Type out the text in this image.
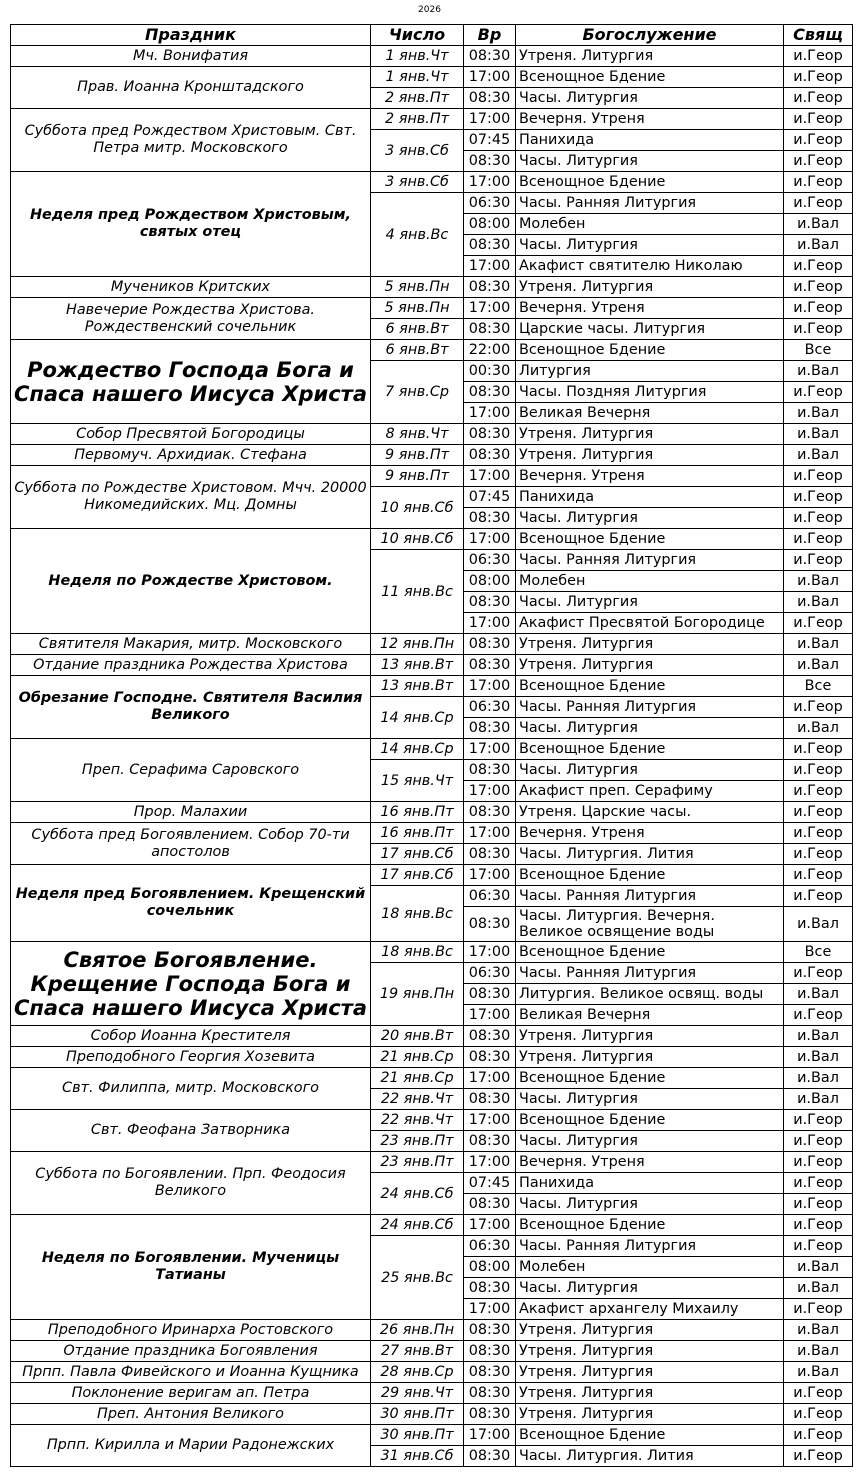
2026
Праздник	Число	Вр	Богослужение	Свящ
Мч. Вонифатия	1 янв.Чт	08:30	Утреня. Литургия	и.Геор
Прав. Иоанна Кронштадского	1 янв.Чт	17:00	Всенощное Бдение	и.Геор
	2 янв.Пт	08:30	Часы. Литургия	и.Геор
Суббота пред Рождеством Христовым. Свт. Петра митр. Московского	2 янв.Пт	17:00	Вечерня. Утреня	и.Геор
	3 янв.Сб	07:45	Панихида	и.Геор
		08:30	Часы. Литургия	и.Геор
Неделя пред Рождеством Христовым, святых отец	3 янв.Сб	17:00	Всенощное Бдение	и.Геор
	4 янв.Вс	06:30	Часы. Ранняя Литургия	и.Геор
		08:00	Молебен	и.Вал
		08:30	Часы. Литургия	и.Вал
		17:00	Акафист святителю Николаю	и.Геор
Мучеников Критских	5 янв.Пн	08:30	Утреня. Литургия	и.Геор
Навечерие Рождества Христова. Рождественский сочельник	5 янв.Пн	17:00	Вечерня. Утреня	и.Геор
	6 янв.Вт	08:30	Царские часы. Литургия	и.Геор
Рождество Господа Бога и Спаса нашего Иисуса Христа	6 янв.Вт	22:00	Всенощное Бдение	Все
	7 янв.Ср	00:30	Литургия	и.Вал
		08:30	Часы. Поздняя Литургия	и.Геор
		17:00	Великая Вечерня	и.Вал
Собор Пресвятой Богородицы	8 янв.Чт	08:30	Утреня. Литургия	и.Вал
Первомуч. Архидиак. Стефана	9 янв.Пт	08:30	Утреня. Литургия	и.Вал
Суббота по Рождестве Христовом. Мчч. 20000 Никомедийских. Мц. Домны	9 янв.Пт	17:00	Вечерня. Утреня	и.Геор
	10 янв.Сб	07:45	Панихида	и.Геор
		08:30	Часы. Литургия	и.Геор
Неделя по Рождестве Христовом.	10 янв.Сб	17:00	Всенощное Бдение	и.Геор
	11 янв.Вс	06:30	Часы. Ранняя Литургия	и.Геор
		08:00	Молебен	и.Вал
		08:30	Часы. Литургия	и.Вал
		17:00	Акафист Пресвятой Богородице	и.Геор
Святителя Макария, митр. Московского	12 янв.Пн	08:30	Утреня. Литургия	и.Вал
Отдание праздника Рождества Христова	13 янв.Вт	08:30	Утреня. Литургия	и.Вал
Обрезание Господне. Святителя Василия Великого	13 янв.Вт	17:00	Всенощное Бдение	Все
	14 янв.Ср	06:30	Часы. Ранняя Литургия	и.Геор
		08:30	Часы. Литургия	и.Вал
Преп. Серафима Саровского	14 янв.Ср	17:00	Всенощное Бдение	и.Геор
	15 янв.Чт	08:30	Часы. Литургия	и.Геор
		17:00	Акафист преп. Серафиму	и.Геор
Прор. Малахии	16 янв.Пт	08:30	Утреня. Царские часы.	и.Геор
Суббота пред Богоявлением. Собор 70-ти апостолов	16 янв.Пт	17:00	Вечерня. Утреня	и.Геор
	17 янв.Сб	08:30	Часы. Литургия. Лития	и.Геор
Неделя пред Богоявлением. Крещенский сочельник	17 янв.Сб	17:00	Всенощное Бдение	и.Геор
	18 янв.Вс	06:30	Часы. Ранняя Литургия	и.Геор
		08:30	Часы. Литургия. Вечерня. Великое освящение воды	и.Вал
Святое Богоявление. Крещение Господа Бога и Спаса нашего Иисуса Христа	18 янв.Вс	17:00	Всенощное Бдение	Все
	19 янв.Пн	06:30	Часы. Ранняя Литургия	и.Геор
		08:30	Литургия. Великое освящ. воды	и.Вал
		17:00	Великая Вечерня	и.Геор
Собор Иоанна Крестителя	20 янв.Вт	08:30	Утреня. Литургия	и.Вал
Преподобного Георгия Хозевита	21 янв.Ср	08:30	Утреня. Литургия	и.Вал
Свт. Филиппа, митр. Московского	21 янв.Ср	17:00	Всенощное Бдение	и.Вал
	22 янв.Чт	08:30	Часы. Литургия	и.Вал
Свт. Феофана Затворника	22 янв.Чт	17:00	Всенощное Бдение	и.Геор
	23 янв.Пт	08:30	Часы. Литургия	и.Геор
Суббота по Богоявлении. Прп. Феодосия Великого	23 янв.Пт	17:00	Вечерня. Утреня	и.Геор
	24 янв.Сб	07:45	Панихида	и.Геор
		08:30	Часы. Литургия	и.Геор
Неделя по Богоявлении. Мученицы Татианы	24 янв.Сб	17:00	Всенощное Бдение	и.Геор
	25 янв.Вс	06:30	Часы. Ранняя Литургия	и.Геор
		08:00	Молебен	и.Вал
		08:30	Часы. Литургия	и.Вал
		17:00	Акафист архангелу Михаилу	и.Геор
Преподобного Иринарха Ростовского	26 янв.Пн	08:30	Утреня. Литургия	и.Вал
Отдание праздника Богоявления	27 янв.Вт	08:30	Утреня. Литургия	и.Вал
Прпп. Павла Фивейского и Иоанна Кущника	28 янв.Ср	08:30	Утреня. Литургия	и.Вал
Поклонение веригам ап. Петра	29 янв.Чт	08:30	Утреня. Литургия	и.Геор
Преп. Антония Великого	30 янв.Пт	08:30	Утреня. Литургия	и.Геор
Прпп. Кирилла и Марии Радонежских	30 янв.Пт	17:00	Всенощное Бдение	и.Геор
	31 янв.Сб	08:30	Часы. Литургия. Лития	и.Геор
